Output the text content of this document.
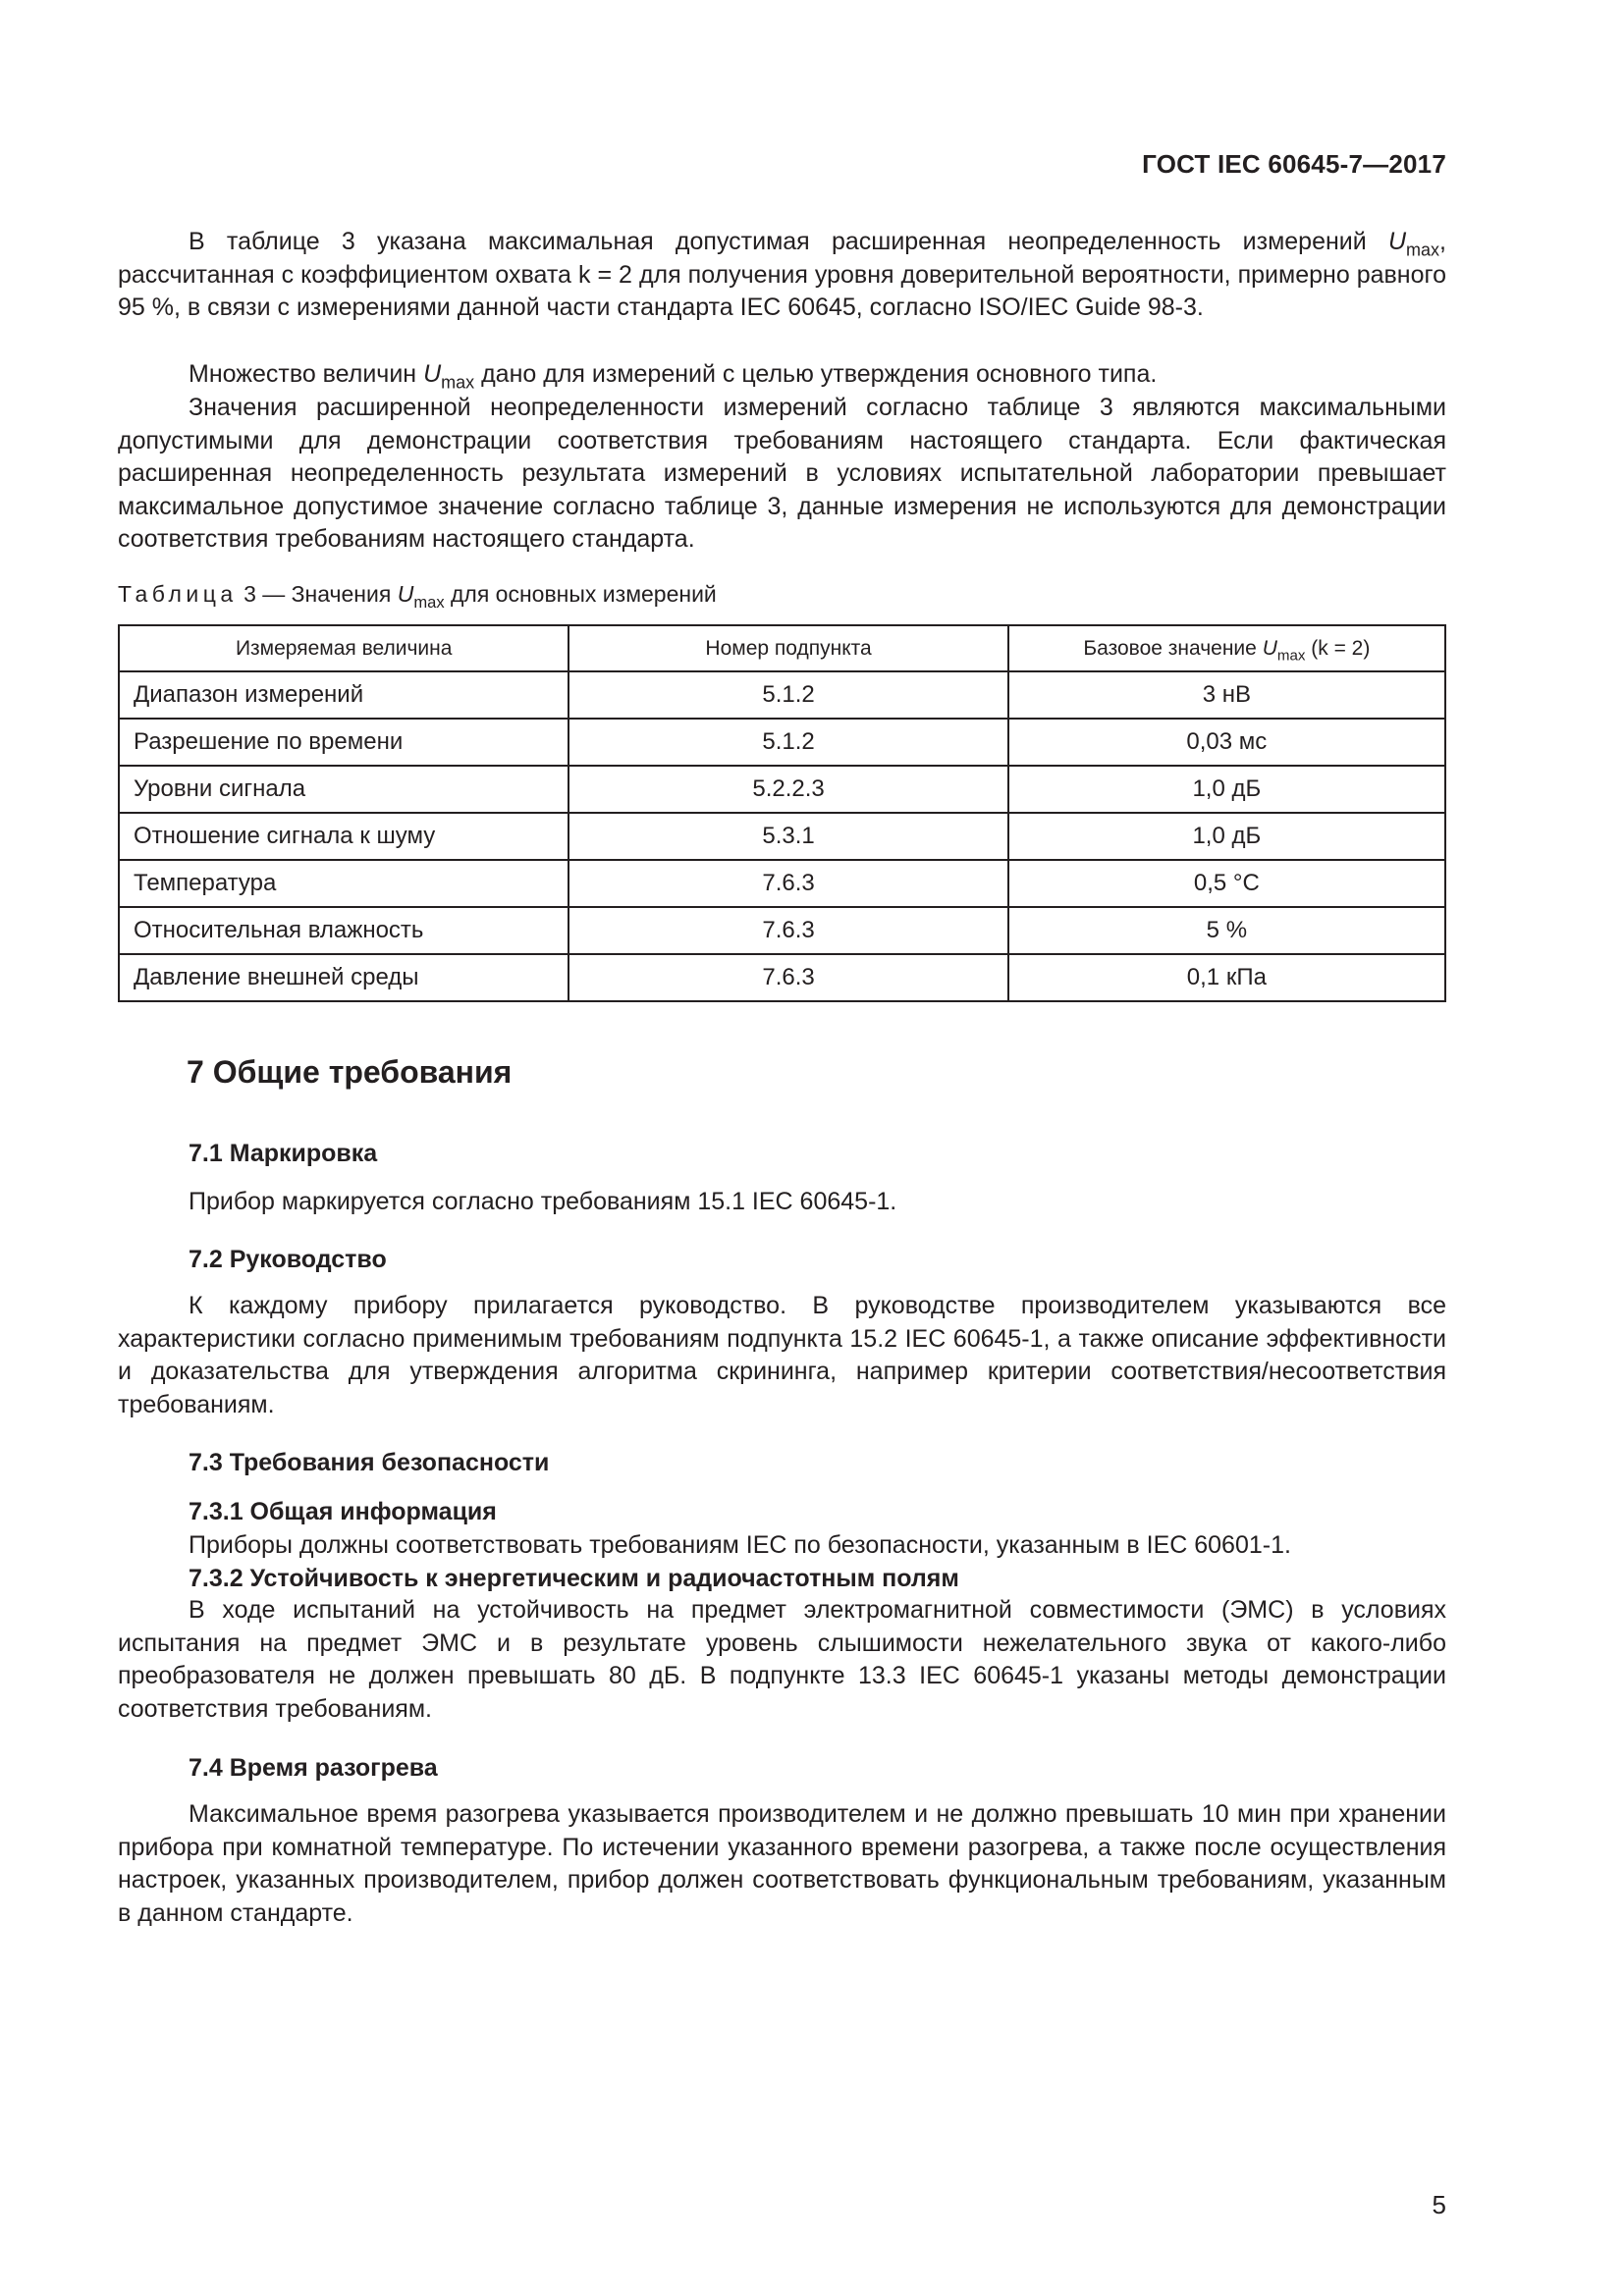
ГОСТ IEC 60645-7—2017

В таблице 3 указана максимальная допустимая расширенная неопределенность измерений $U_{max}$, рассчитанная с коэффициентом охвата k = 2 для получения уровня доверительной вероятности, примерно равного 95 %, в связи с измерениями данной части стандарта IEC 60645, согласно ISO/IEC Guide 98-3.

Множество величин $U_{max}$ дано для измерений с целью утверждения основного типа.

Значения расширенной неопределенности измерений согласно таблице 3 являются максимальными допустимыми для демонстрации соответствия требованиям настоящего стандарта. Если фактическая расширенная неопределенность результата измерений в условиях испытательной лаборатории превышает максимальное допустимое значение согласно таблице 3, данные измерения не используются для демонстрации соответствия требованиям настоящего стандарта.

Таблица 3 — Значения $U_{max}$ для основных измерений
Измеряемая величина	Номер подпункта	Базовое значение $U_{max}$ (k = 2)
Диапазон измерений	5.1.2	3 нВ
Разрешение по времени	5.1.2	0,03 мс
Уровни сигнала	5.2.2.3	1,0 дБ
Отношение сигнала к шуму	5.3.1	1,0 дБ
Температура	7.6.3	0,5 °C
Относительная влажность	7.6.3	5 %
Давление внешней среды	7.6.3	0,1 кПа
7 Общие требования
7.1 Маркировка

Прибор маркируется согласно требованиям 15.1 IEC 60645-1.

7.2 Руководство

К каждому прибору прилагается руководство. В руководстве производителем указываются все характеристики согласно применимым требованиям подпункта 15.2 IEC 60645-1, а также описание эффективности и доказательства для утверждения алгоритма скрининга, например критерии соответствия/несоответствия требованиям.

7.3 Требования безопасности
7.3.1 Общая информация

Приборы должны соответствовать требованиям IEC по безопасности, указанным в IEC 60601-1.

7.3.2 Устойчивость к энергетическим и радиочастотным полям

В ходе испытаний на устойчивость на предмет электромагнитной совместимости (ЭМС) в условиях испытания на предмет ЭМС и в результате уровень слышимости нежелательного звука от какого-либо преобразователя не должен превышать 80 дБ. В подпункте 13.3 IEC 60645-1 указаны методы демонстрации соответствия требованиям.

7.4 Время разогрева

Максимальное время разогрева указывается производителем и не должно превышать 10 мин при хранении прибора при комнатной температуре. По истечении указанного времени разогрева, а также после осуществления настроек, указанных производителем, прибор должен соответствовать функциональным требованиям, указанным в данном стандарте.

5
